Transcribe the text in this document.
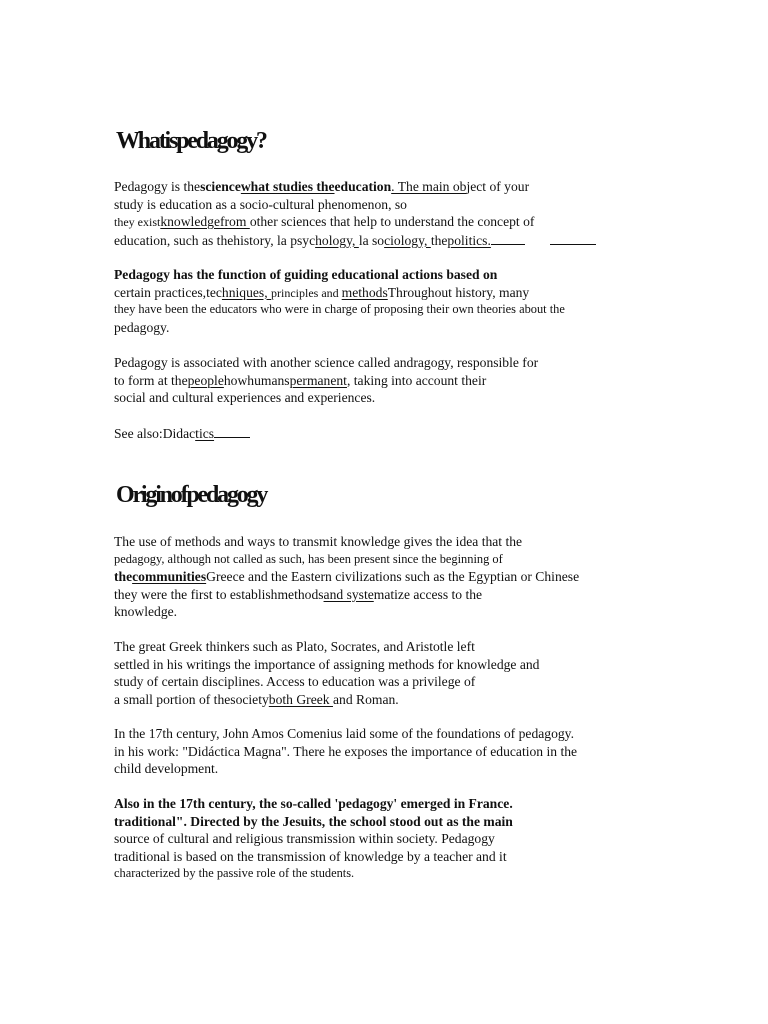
Whatispedagogy?
Pedagogy is thesciencewhat studies theeducation. The main object of your
study is education as a socio-cultural phenomenon, so
they existknowledgefrom other sciences that help to understand the concept of
education, such as thehistory, la psychology, la sociology, thepolitics.
Pedagogy has the function of guiding educational actions based on
certain practices,techniques, principles and methodsThroughout history, many
they have been the educators who were in charge of proposing their own theories about the
pedagogy.
Pedagogy is associated with another science called andragogy, responsible for
to form at thepeoplehowhumanspermanent, taking into account their
social and cultural experiences and experiences.
See also:Didactics
Originofpedagogy
The use of methods and ways to transmit knowledge gives the idea that the
pedagogy, although not called as such, has been present since the beginning of
thecommunitiesGreece and the Eastern civilizations such as the Egyptian or Chinese
they were the first to establishmethodsand systematize access to the
knowledge.
The great Greek thinkers such as Plato, Socrates, and Aristotle left
settled in his writings the importance of assigning methods for knowledge and
study of certain disciplines. Access to education was a privilege of
a small portion of thesocietyboth Greek and Roman.
In the 17th century, John Amos Comenius laid some of the foundations of pedagogy.
in his work: "Didáctica Magna". There he exposes the importance of education in the
child development.
Also in the 17th century, the so-called 'pedagogy' emerged in France.
traditional". Directed by the Jesuits, the school stood out as the main
source of cultural and religious transmission within society. Pedagogy
traditional is based on the transmission of knowledge by a teacher and it
characterized by the passive role of the students.
